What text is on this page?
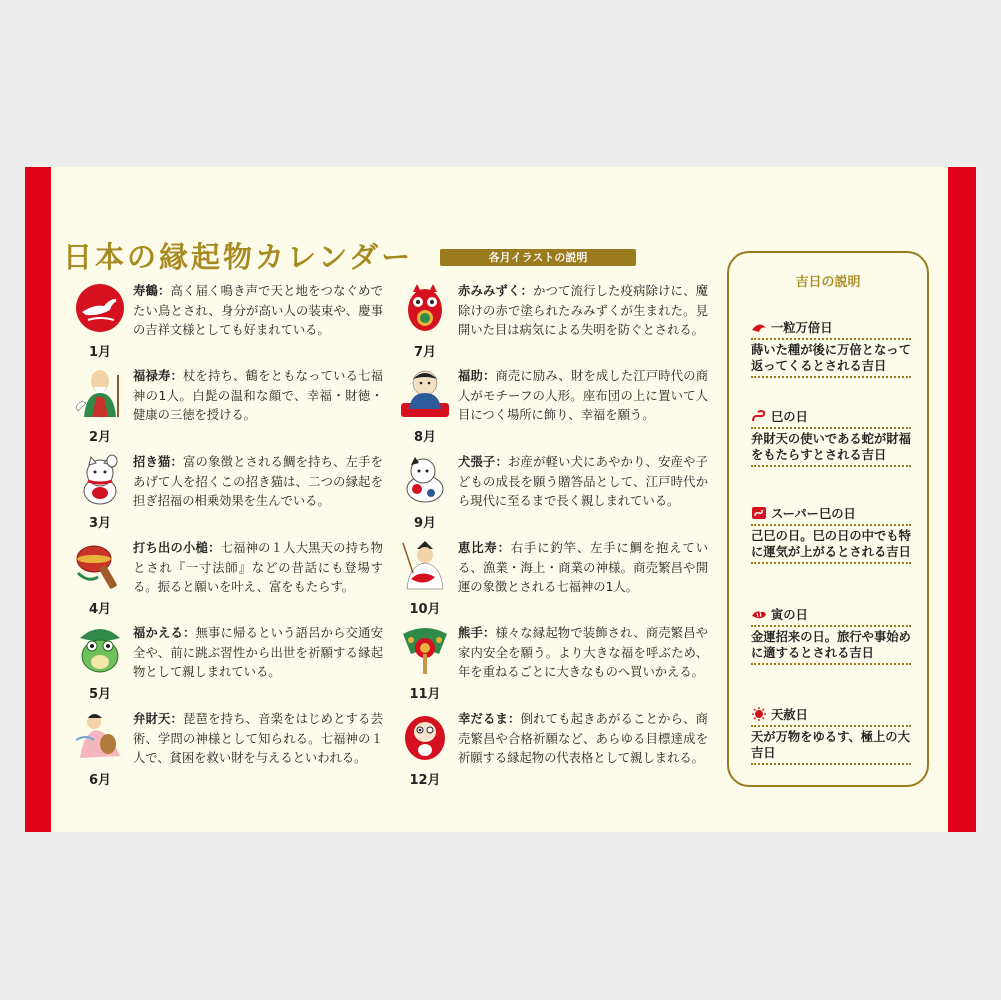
日本の縁起物カレンダー	各月イラストの説明
1月
寿鶴：高く届く鳴き声で天と地をつなぐめでたい鳥とされ、身分が高い人の装束や、慶事の吉祥文様としても好まれている。
2月
福禄寿：杖を持ち、鶴をともなっている七福神の1人。白髭の温和な顔で、幸福・財徳・健康の三徳を授ける。
3月
招き猫：富の象徴とされる鯛を持ち、左手をあげて人を招くこの招き猫は、二つの縁起を担ぎ招福の相乗効果を生んでいる。
4月
打ち出の小槌：七福神の１人大黒天の持ち物とされ『一寸法師』などの昔話にも登場する。振ると願いを叶え、富をもたらす。
5月
福かえる：無事に帰るという語呂から交通安全や、前に跳ぶ習性から出世を祈願する縁起物として親しまれている。
6月
弁財天：琵琶を持ち、音楽をはじめとする芸術、学問の神様として知られる。七福神の１人で、貧困を救い財を与えるといわれる。
7月
赤みみずく：かつて流行した疫病除けに、魔除けの赤で塗られたみみずくが生まれた。見開いた目は病気による失明を防ぐとされる。
8月
福助：商売に励み、財を成した江戸時代の商人がモチーフの人形。座布団の上に置いて人目につく場所に飾り、幸福を願う。
9月
犬張子：お産が軽い犬にあやかり、安産や子どもの成長を願う贈答品として、江戸時代から現代に至るまで長く親しまれている。
10月
恵比寿：右手に釣竿、左手に鯛を抱えている、漁業・海上・商業の神様。商売繁昌や開運の象徴とされる七福神の1人。
11月
熊手：様々な縁起物で装飾され、商売繁昌や家内安全を願う。より大きな福を呼ぶため、年を重ねるごとに大きなものへ買いかえる。
12月
幸だるま：倒れても起きあがることから、商売繁昌や合格祈願など、あらゆる目標達成を祈願する縁起物の代表格として親しまれる。
吉日の説明
一粒万倍日
蒔いた種が後に万倍となって返ってくるとされる吉日
巳の日
弁財天の使いである蛇が財福をもたらすとされる吉日
スーパー巳の日
己巳の日。巳の日の中でも特に運気が上がるとされる吉日
寅の日
金運招来の日。旅行や事始めに適するとされる吉日
天赦日
天が万物をゆるす、極上の大吉日
